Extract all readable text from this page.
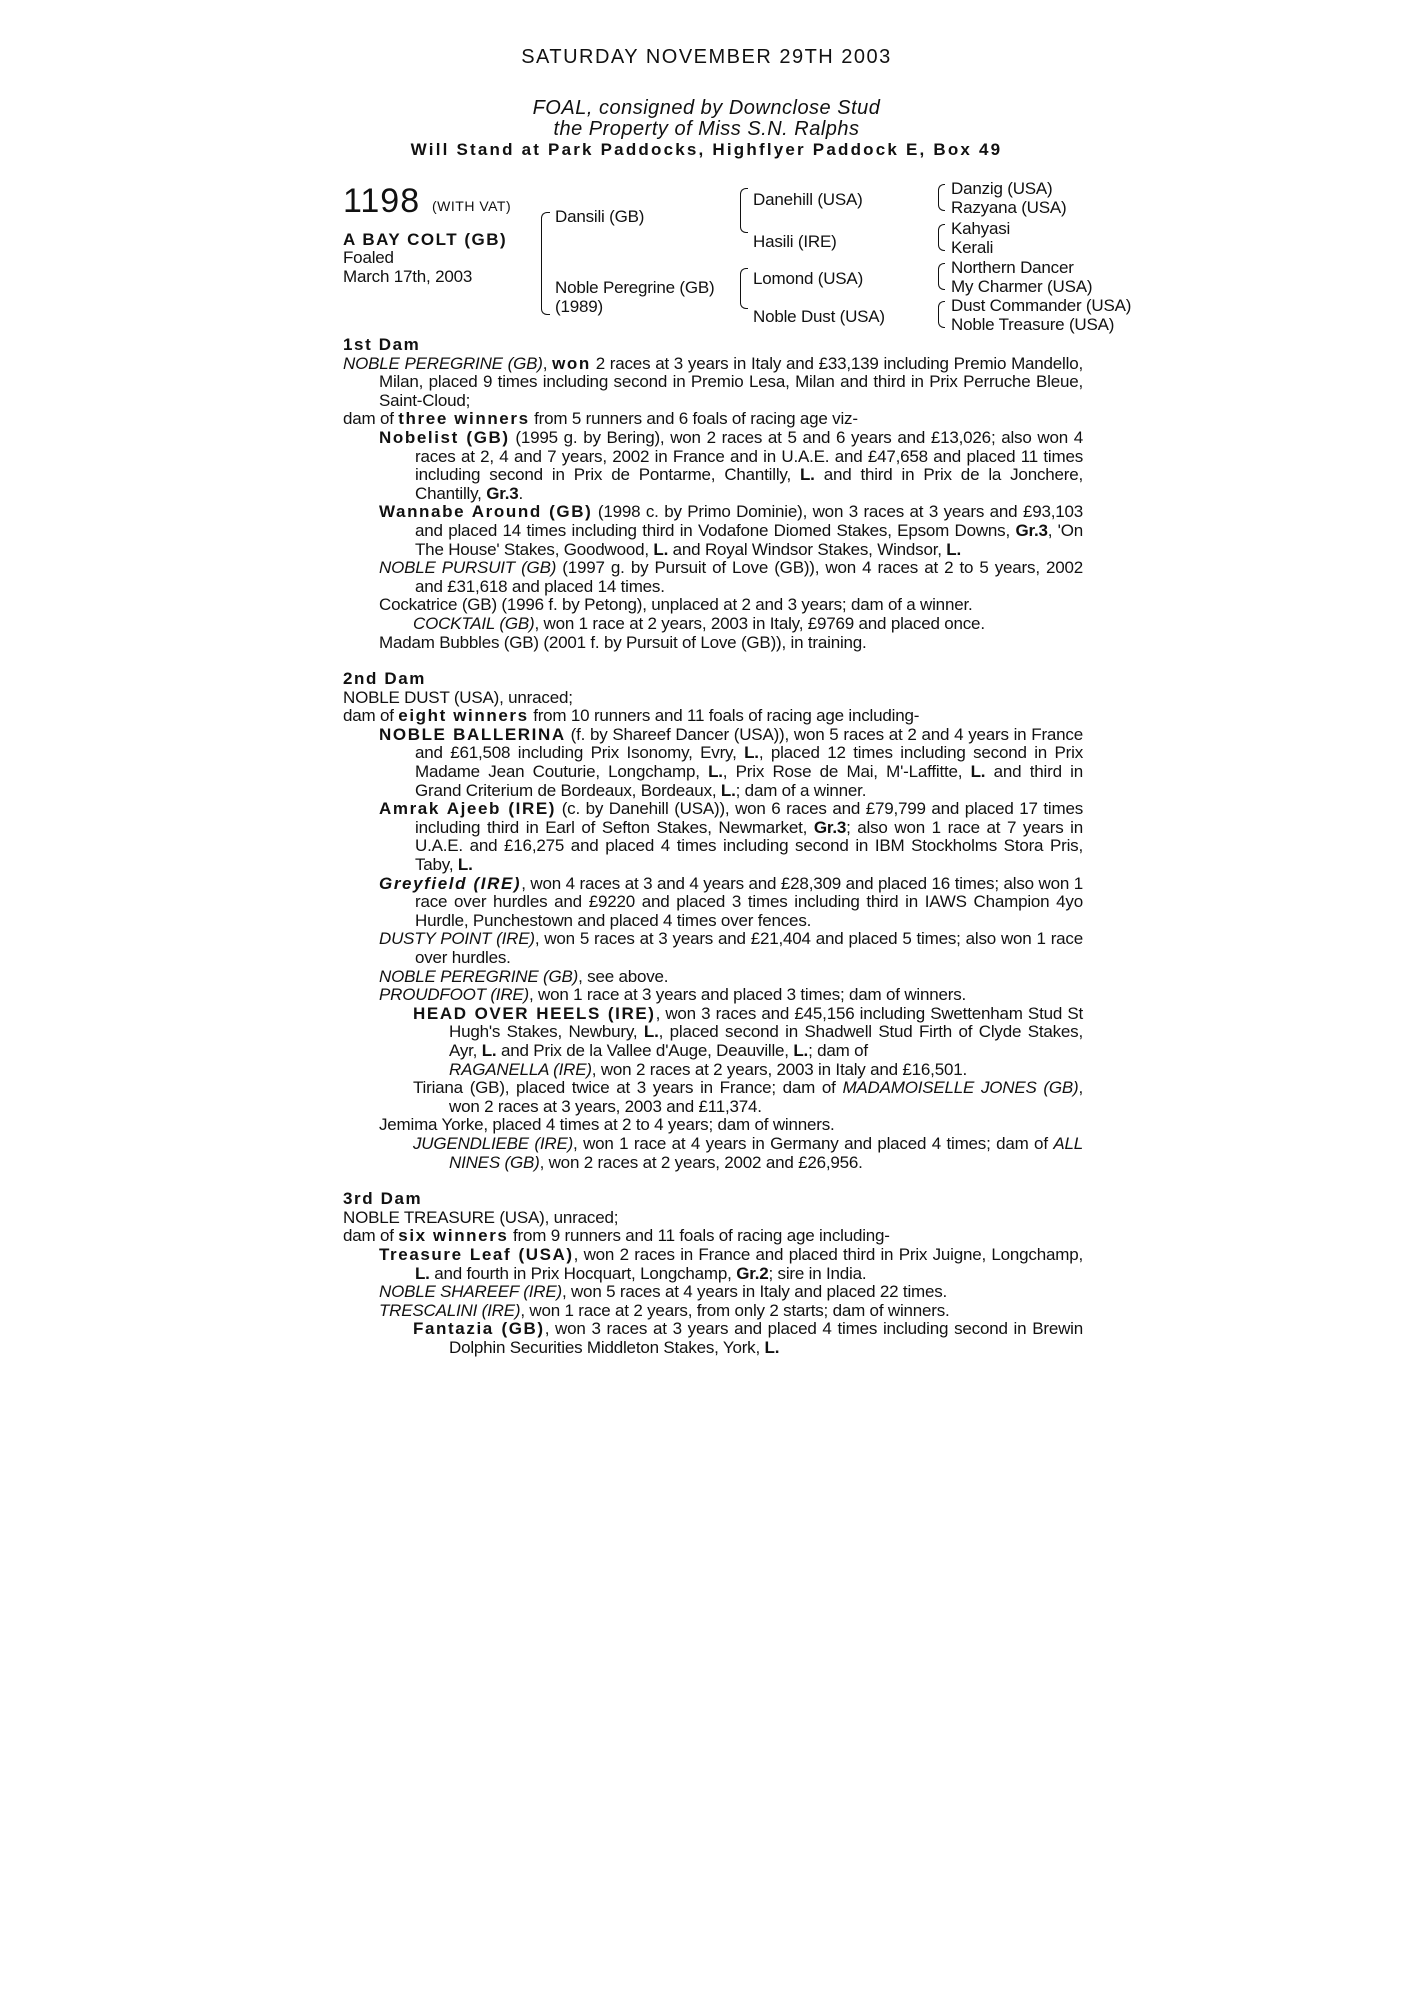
SATURDAY NOVEMBER 29TH 2003
FOAL, consigned by Downclose Stud
the Property of Miss S.N. Ralphs
Will Stand at Park Paddocks, Highflyer Paddock E, Box 49
1198 (WITH VAT)
A BAY COLT (GB)
Foaled
March 17th, 2003
Dansili (GB)
Noble Peregrine (GB)
(1989)
Danehill (USA)
Hasili (IRE)
Lomond (USA)
Noble Dust (USA)
Danzig (USA)
Razyana (USA)
Kahyasi
Kerali
Northern Dancer
My Charmer (USA)
Dust Commander (USA)
Noble Treasure (USA)
1st Dam

NOBLE PEREGRINE (GB), won 2 races at 3 years in Italy and £33,139 including Premio Mandello, Milan, placed 9 times including second in Premio Lesa, Milan and third in Prix Perruche Bleue, Saint-Cloud;

dam of three winners from 5 runners and 6 foals of racing age viz-

Nobelist (GB) (1995 g. by Bering), won 2 races at 5 and 6 years and £13,026; also won 4 races at 2, 4 and 7 years, 2002 in France and in U.A.E. and £47,658 and placed 11 times including second in Prix de Pontarme, Chantilly, L. and third in Prix de la Jonchere, Chantilly, Gr.3.

Wannabe Around (GB) (1998 c. by Primo Dominie), won 3 races at 3 years and £93,103 and placed 14 times including third in Vodafone Diomed Stakes, Epsom Downs, Gr.3, 'On The House' Stakes, Goodwood, L. and Royal Windsor Stakes, Windsor, L.

NOBLE PURSUIT (GB) (1997 g. by Pursuit of Love (GB)), won 4 races at 2 to 5 years, 2002 and £31,618 and placed 14 times.

Cockatrice (GB) (1996 f. by Petong), unplaced at 2 and 3 years; dam of a winner.

COCKTAIL (GB), won 1 race at 2 years, 2003 in Italy, £9769 and placed once.

Madam Bubbles (GB) (2001 f. by Pursuit of Love (GB)), in training.

2nd Dam

NOBLE DUST (USA), unraced;

dam of eight winners from 10 runners and 11 foals of racing age including-

NOBLE BALLERINA (f. by Shareef Dancer (USA)), won 5 races at 2 and 4 years in France and £61,508 including Prix Isonomy, Evry, L., placed 12 times including second in Prix Madame Jean Couturie, Longchamp, L., Prix Rose de Mai, M'-Laffitte, L. and third in Grand Criterium de Bordeaux, Bordeaux, L.; dam of a winner.

Amrak Ajeeb (IRE) (c. by Danehill (USA)), won 6 races and £79,799 and placed 17 times including third in Earl of Sefton Stakes, Newmarket, Gr.3; also won 1 race at 7 years in U.A.E. and £16,275 and placed 4 times including second in IBM Stockholms Stora Pris, Taby, L.

Greyfield (IRE), won 4 races at 3 and 4 years and £28,309 and placed 16 times; also won 1 race over hurdles and £9220 and placed 3 times including third in IAWS Champion 4yo Hurdle, Punchestown and placed 4 times over fences.

DUSTY POINT (IRE), won 5 races at 3 years and £21,404 and placed 5 times; also won 1 race over hurdles.

NOBLE PEREGRINE (GB), see above.

PROUDFOOT (IRE), won 1 race at 3 years and placed 3 times; dam of winners.

HEAD OVER HEELS (IRE), won 3 races and £45,156 including Swettenham Stud St Hugh's Stakes, Newbury, L., placed second in Shadwell Stud Firth of Clyde Stakes, Ayr, L. and Prix de la Vallee d'Auge, Deauville, L.; dam of
RAGANELLA (IRE), won 2 races at 2 years, 2003 in Italy and £16,501.

Tiriana (GB), placed twice at 3 years in France; dam of MADAMOISELLE JONES (GB), won 2 races at 3 years, 2003 and £11,374.

Jemima Yorke, placed 4 times at 2 to 4 years; dam of winners.

JUGENDLIEBE (IRE), won 1 race at 4 years in Germany and placed 4 times; dam of ALL NINES (GB), won 2 races at 2 years, 2002 and £26,956.

3rd Dam

NOBLE TREASURE (USA), unraced;

dam of six winners from 9 runners and 11 foals of racing age including-

Treasure Leaf (USA), won 2 races in France and placed third in Prix Juigne, Longchamp, L. and fourth in Prix Hocquart, Longchamp, Gr.2; sire in India.

NOBLE SHAREEF (IRE), won 5 races at 4 years in Italy and placed 22 times.

TRESCALINI (IRE), won 1 race at 2 years, from only 2 starts; dam of winners.

Fantazia (GB), won 3 races at 3 years and placed 4 times including second in Brewin Dolphin Securities Middleton Stakes, York, L.
